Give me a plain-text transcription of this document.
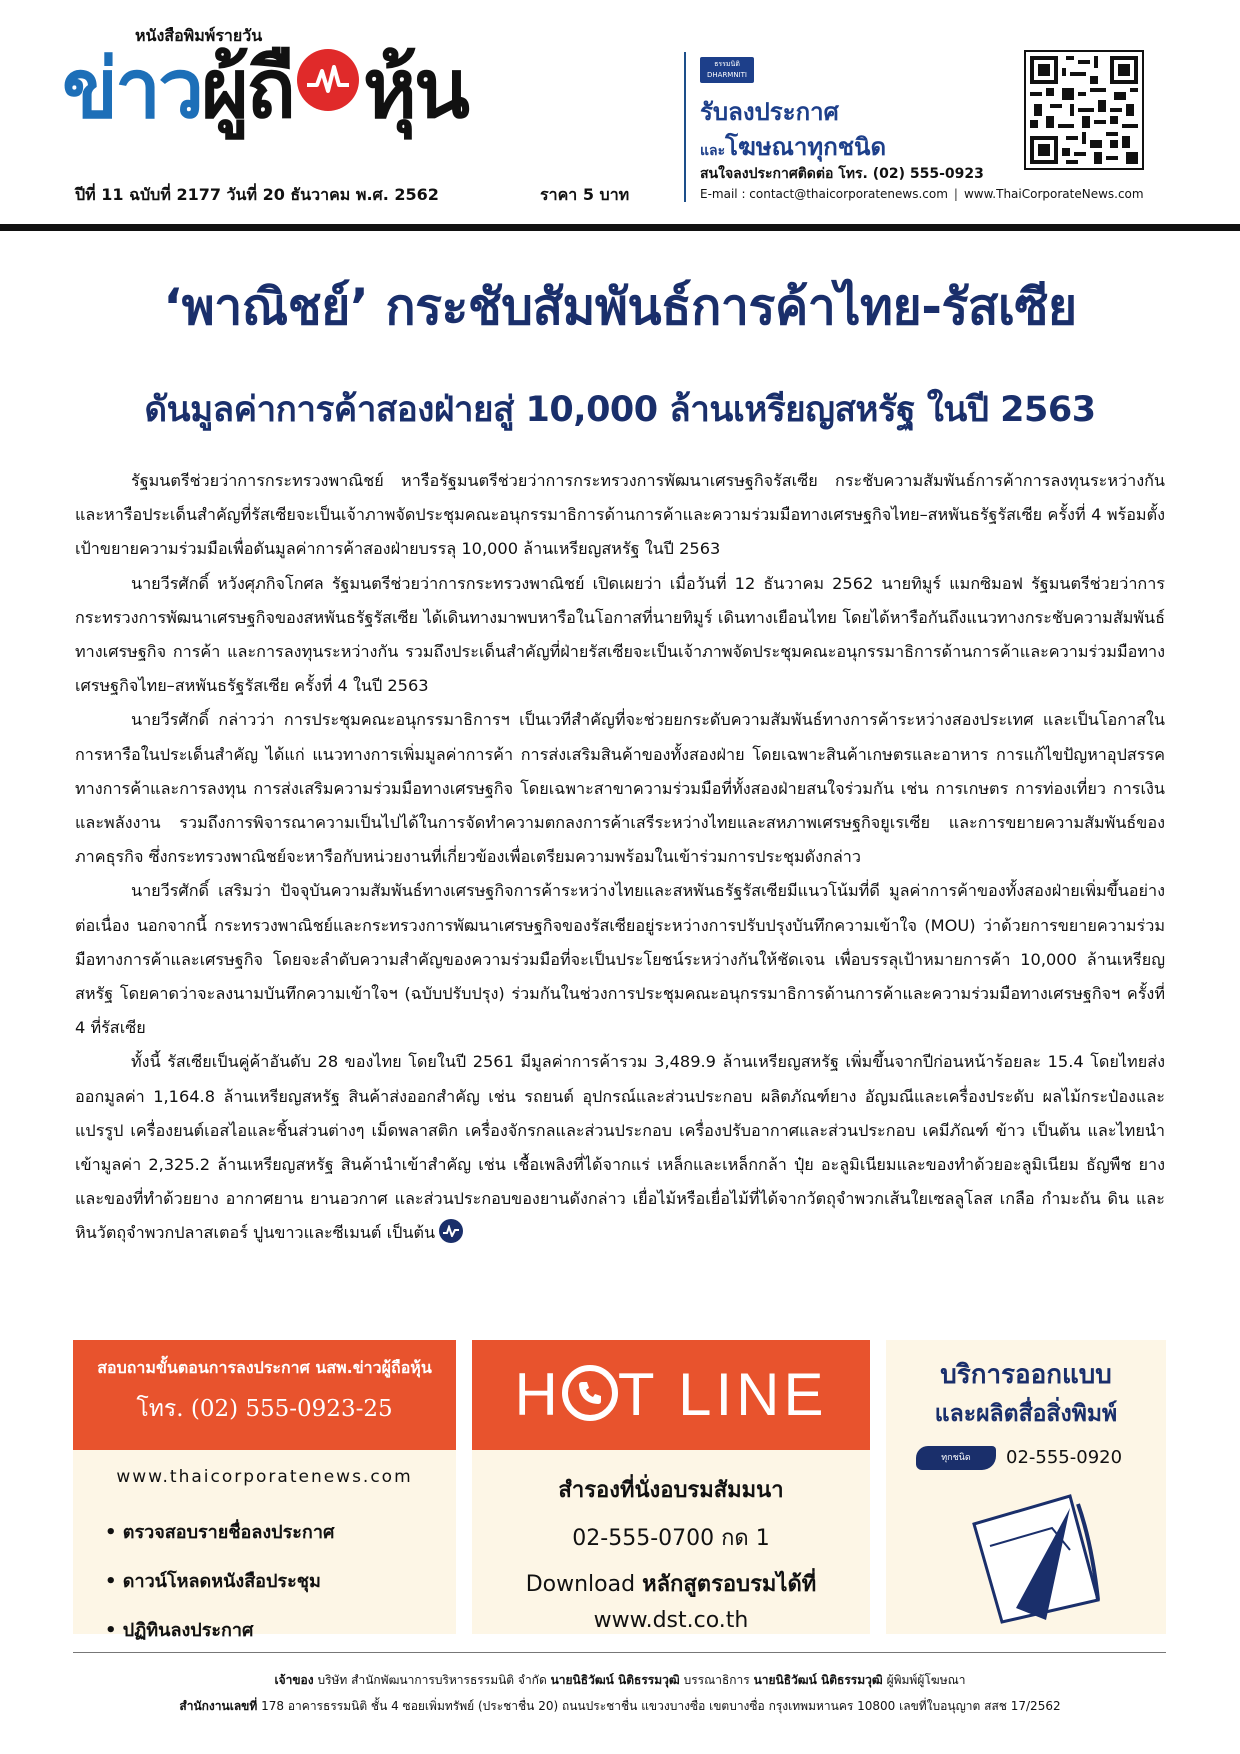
หนังสือพิมพ์รายวัน
ข่าวผู้ถื หุ้น
ปีที่ 11 ฉบับที่ 2177 วันที่ 20 ธันวาคม พ.ศ. 2562	ราคา 5 บาท
ธรรมนิติ
DHARMNITI
รับลงประกาศ
และโฆษณาทุกชนิด
สนใจลงประกาศติดต่อ โทร. (02) 555-0923
E-mail : contact@thaicorporatenews.com | www.ThaiCorporateNews.com
‘พาณิชย์’ กระชับสัมพันธ์การค้าไทย-รัสเซีย
ดันมูลค่าการค้าสองฝ่ายสู่ 10,000 ล้านเหรียญสหรัฐ ในปี 2563

รัฐมนตรีช่วยว่าการกระทรวงพาณิชย์ หารือรัฐมนตรีช่วยว่าการกระทรวงการพัฒนาเศรษฐกิจรัสเซีย กระชับความสัมพันธ์การค้าการลงทุนระหว่างกัน และหารือประเด็นสำคัญที่รัสเซียจะเป็นเจ้าภาพจัดประชุมคณะอนุกรรมาธิการด้านการค้าและความร่วมมือทางเศรษฐกิจไทย–สหพันธรัฐรัสเซีย ครั้งที่ 4 พร้อมตั้งเป้าขยายความร่วมมือเพื่อดันมูลค่าการค้าสองฝ่ายบรรลุ 10,000 ล้านเหรียญสหรัฐ ในปี 2563

นายวีรศักดิ์ หวังศุภกิจโกศล รัฐมนตรีช่วยว่าการกระทรวงพาณิชย์ เปิดเผยว่า เมื่อวันที่ 12 ธันวาคม 2562 นายทิมูร์ แมกซิมอฟ รัฐมนตรีช่วยว่าการกระทรวงการพัฒนาเศรษฐกิจของสหพันธรัฐรัสเซีย ได้เดินทางมาพบหารือในโอกาสที่นายทิมูร์ เดินทางเยือนไทย โดยได้หารือกันถึงแนวทางกระชับความสัมพันธ์ทางเศรษฐกิจ การค้า และการลงทุนระหว่างกัน รวมถึงประเด็นสำคัญที่ฝ่ายรัสเซียจะเป็นเจ้าภาพจัดประชุมคณะอนุกรรมาธิการด้านการค้าและความร่วมมือทางเศรษฐกิจไทย–สหพันธรัฐรัสเซีย ครั้งที่ 4 ในปี 2563

นายวีรศักดิ์ กล่าวว่า การประชุมคณะอนุกรรมาธิการฯ เป็นเวทีสำคัญที่จะช่วยยกระดับความสัมพันธ์ทางการค้าระหว่างสองประเทศ และเป็นโอกาสในการหารือในประเด็นสำคัญ ได้แก่ แนวทางการเพิ่มมูลค่าการค้า การส่งเสริมสินค้าของทั้งสองฝ่าย โดยเฉพาะสินค้าเกษตรและอาหาร การแก้ไขปัญหาอุปสรรคทางการค้าและการลงทุน การส่งเสริมความร่วมมือทางเศรษฐกิจ โดยเฉพาะสาขาความร่วมมือที่ทั้งสองฝ่ายสนใจร่วมกัน เช่น การเกษตร การท่องเที่ยว การเงิน และพลังงาน รวมถึงการพิจารณาความเป็นไปได้ในการจัดทำความตกลงการค้าเสรีระหว่างไทยและสหภาพเศรษฐกิจยูเรเซีย และการขยายความสัมพันธ์ของภาคธุรกิจ ซึ่งกระทรวงพาณิชย์จะหารือกับหน่วยงานที่เกี่ยวข้องเพื่อเตรียมความพร้อมในเข้าร่วมการประชุมดังกล่าว

นายวีรศักดิ์ เสริมว่า ปัจจุบันความสัมพันธ์ทางเศรษฐกิจการค้าระหว่างไทยและสหพันธรัฐรัสเซียมีแนวโน้มที่ดี มูลค่าการค้าของทั้งสองฝ่ายเพิ่มขึ้นอย่างต่อเนื่อง นอกจากนี้ กระทรวงพาณิชย์และกระทรวงการพัฒนาเศรษฐกิจของรัสเซียอยู่ระหว่างการปรับปรุงบันทึกความเข้าใจ (MOU) ว่าด้วยการขยายความร่วมมือทางการค้าและเศรษฐกิจ โดยจะลำดับความสำคัญของความร่วมมือที่จะเป็นประโยชน์ระหว่างกันให้ชัดเจน เพื่อบรรลุเป้าหมายการค้า 10,000 ล้านเหรียญสหรัฐ โดยคาดว่าจะลงนามบันทึกความเข้าใจฯ (ฉบับปรับปรุง) ร่วมกันในช่วงการประชุมคณะอนุกรรมาธิการด้านการค้าและความร่วมมือทางเศรษฐกิจฯ ครั้งที่ 4 ที่รัสเซีย

ทั้งนี้ รัสเซียเป็นคู่ค้าอันดับ 28 ของไทย โดยในปี 2561 มีมูลค่าการค้ารวม 3,489.9 ล้านเหรียญสหรัฐ เพิ่มขึ้นจากปีก่อนหน้าร้อยละ 15.4 โดยไทยส่งออกมูลค่า 1,164.8 ล้านเหรียญสหรัฐ สินค้าส่งออกสำคัญ เช่น รถยนต์ อุปกรณ์และส่วนประกอบ ผลิตภัณฑ์ยาง อัญมณีและเครื่องประดับ ผลไม้กระป๋องและแปรรูป เครื่องยนต์เอสไอและชิ้นส่วนต่างๆ เม็ดพลาสติก เครื่องจักรกลและส่วนประกอบ เครื่องปรับอากาศและส่วนประกอบ เคมีภัณฑ์ ข้าว เป็นต้น และไทยนำเข้ามูลค่า 2,325.2 ล้านเหรียญสหรัฐ สินค้านำเข้าสำคัญ เช่น เชื้อเพลิงที่ได้จากแร่ เหล็กและเหล็กกล้า ปุ๋ย อะลูมิเนียมและของทำด้วยอะลูมิเนียม ธัญพืช ยางและของที่ทำด้วยยาง อากาศยาน ยานอวกาศ และส่วนประกอบของยานดังกล่าว เยื่อไม้หรือเยื่อไม้ที่ได้จากวัตถุจำพวกเส้นใยเซลลูโลส เกลือ กำมะถัน ดิน และหินวัตถุจำพวกปลาสเตอร์ ปูนขาวและซีเมนต์ เป็นต้น

สอบถามขั้นตอนการลงประกาศ นสพ.ข่าวผู้ถือหุ้น
โทร. (02) 555-0923-25
www.thaicorporatenews.com
• ตรวจสอบรายชื่อลงประกาศ
• ดาวน์โหลดหนังสือประชุม
• ปฏิทินลงประกาศ
H T LINE
สำรองที่นั่งอบรมสัมมนา
02-555-0700 กด 1
Download หลักสูตรอบรมได้ที่
www.dst.co.th
บริการออกแบบ
และผลิตสื่อสิ่งพิมพ์
ทุกชนิด	02-555-0920
เจ้าของ บริษัท สำนักพัฒนาการบริหารธรรมนิติ จำกัด นายนิธิวัฒน์ นิติธรรมวุฒิ บรรณาธิการ นายนิธิวัฒน์ นิติธรรมวุฒิ ผู้พิมพ์ผู้โฆษณา
สำนักงานเลขที่ 178 อาคารธรรมนิติ ชั้น 4 ซอยเพิ่มทรัพย์ (ประชาชื่น 20) ถนนประชาชื่น แขวงบางซื่อ เขตบางซื่อ กรุงเทพมหานคร 10800 เลขที่ใบอนุญาต สสช 17/2562
